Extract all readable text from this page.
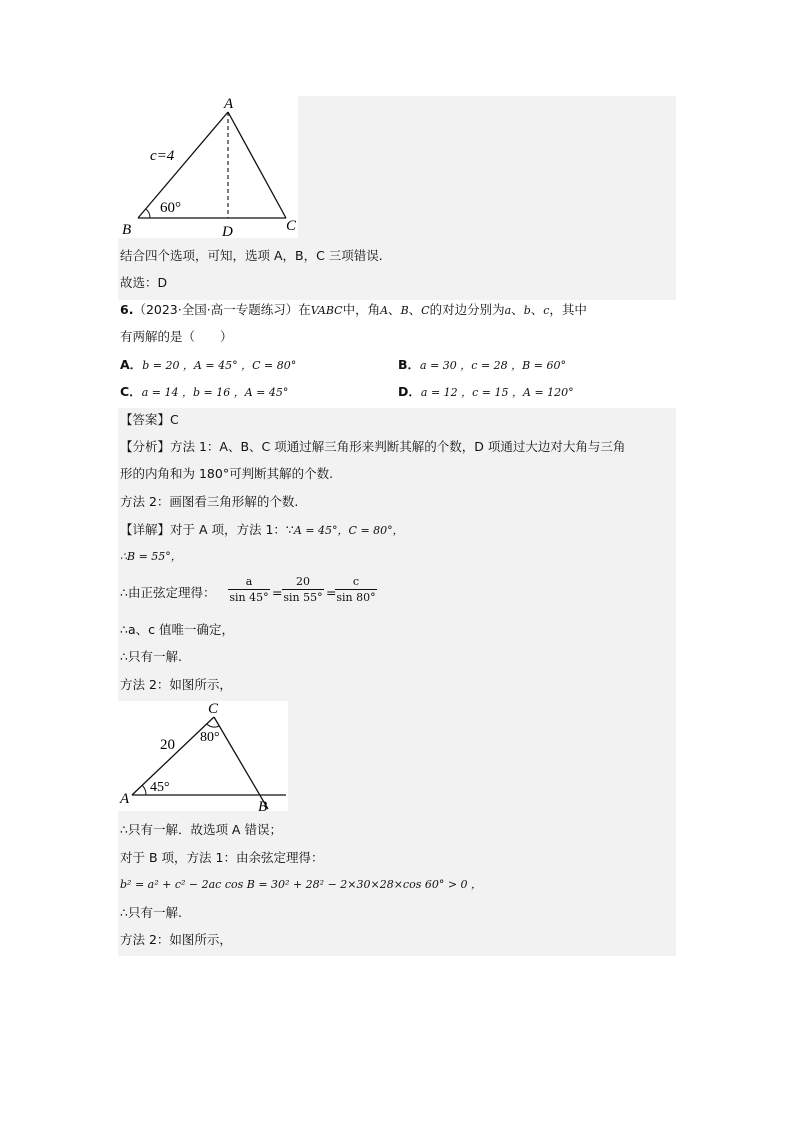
A
B	C
D
c=4
60°
结合四个选项，可知，选项 A，B，C 三项错误.
故选：D
6.（2023·全国·高一专题练习）在VABC中，角A、B、C的对边分别为a、b、c，其中
有两解的是（　　）
A．b = 20 ，A = 45° ，C = 80°	B．a = 30 ，c = 28 ，B = 60°
C．a = 14 ，b = 16 ，A = 45°	D．a = 12 ，c = 15 ，A = 120°
【答案】C
【分析】方法 1：A、B、C 项通过解三角形来判断其解的个数，D 项通过大边对大角与三角
形的内角和为 180°可判断其解的个数.
方法 2：画图看三角形解的个数.
【详解】对于 A 项，方法 1：∵A = 45°，C = 80°，
∴B = 55°，
∴由正弦定理得：
a
sin 45° =
20
sin 55° =
c
sin 80°
∴a、c 值唯一确定，
∴只有一解.
方法 2：如图所示，
C
A	B
20 80°
45°
∴只有一解．故选项 A 错误；
对于 B 项，方法 1：由余弦定理得：
b² = a² + c² − 2ac cos B = 30² + 28² − 2×30×28×cos 60° > 0 ，
∴只有一解.
方法 2：如图所示，
